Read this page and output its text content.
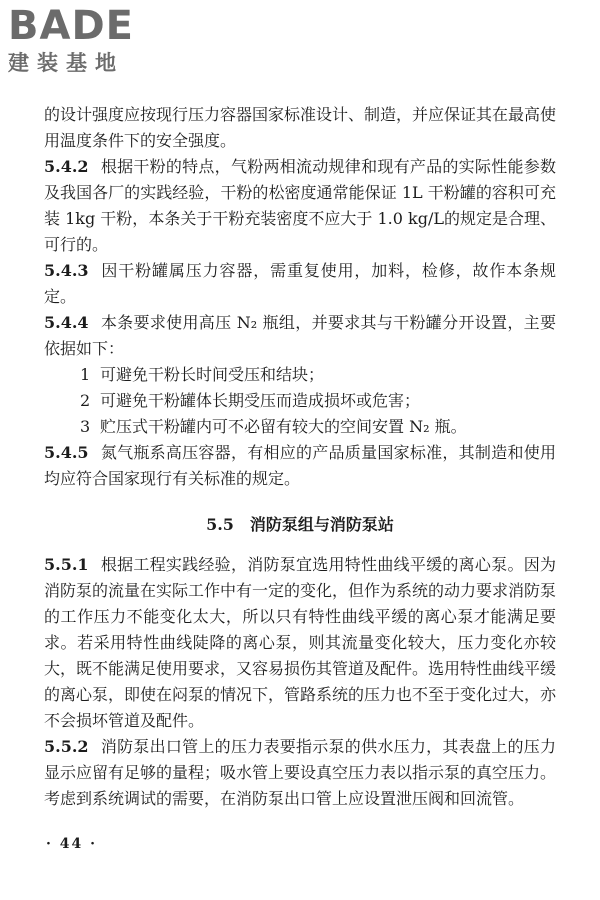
BADE
建装基地

的设计强度应按现行压力容器国家标准设计、制造，并应保证其在最高使用温度条件下的安全强度。

5.4.2 根据干粉的特点，气粉两相流动规律和现有产品的实际性能参数及我国各厂的实践经验，干粉的松密度通常能保证 1L 干粉罐的容积可充装 1kg 干粉，本条关于干粉充装密度不应大于 1.0 kg/L的规定是合理、可行的。

5.4.3 因干粉罐属压力容器，需重复使用，加料，检修，故作本条规定。

5.4.4 本条要求使用高压 N₂ 瓶组，并要求其与干粉罐分开设置，主要依据如下：

1 可避免干粉长时间受压和结块；

2 可避免干粉罐体长期受压而造成损坏或危害；

3 贮压式干粉罐内可不必留有较大的空间安置 N₂ 瓶。

5.4.5 氮气瓶系高压容器，有相应的产品质量国家标准，其制造和使用均应符合国家现行有关标准的规定。

5.5 消防泵组与消防泵站

5.5.1 根据工程实践经验，消防泵宜选用特性曲线平缓的离心泵。因为消防泵的流量在实际工作中有一定的变化，但作为系统的动力要求消防泵的工作压力不能变化太大，所以只有特性曲线平缓的离心泵才能满足要求。若采用特性曲线陡降的离心泵，则其流量变化较大，压力变化亦较大，既不能满足使用要求，又容易损伤其管道及配件。选用特性曲线平缓的离心泵，即使在闷泵的情况下，管路系统的压力也不至于变化过大，亦不会损坏管道及配件。

5.5.2 消防泵出口管上的压力表要指示泵的供水压力，其表盘上的压力显示应留有足够的量程；吸水管上要设真空压力表以指示泵的真空压力。考虑到系统调试的需要，在消防泵出口管上应设置泄压阀和回流管。

· 44 ·
